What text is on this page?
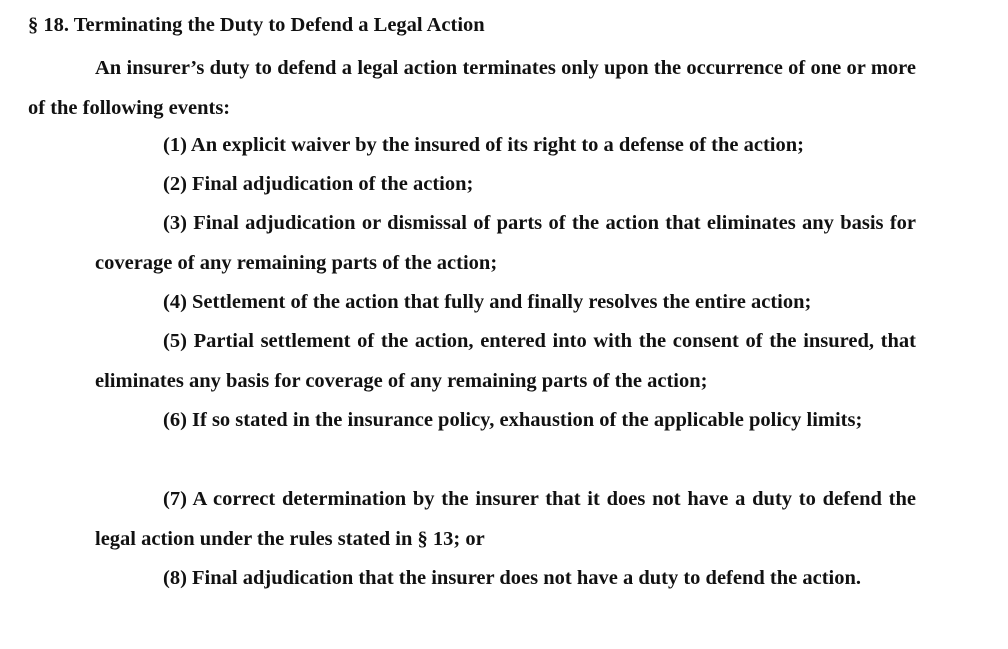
§ 18. Terminating the Duty to Defend a Legal Action

An insurer’s duty to defend a legal action terminates only upon the occurrence of one or more of the following events:

(1) An explicit waiver by the insured of its right to a defense of the action;

(2) Final adjudication of the action;

(3) Final adjudication or dismissal of parts of the action that eliminates any basis for coverage of any remaining parts of the action;

(4) Settlement of the action that fully and finally resolves the entire action;

(5) Partial settlement of the action, entered into with the consent of the insured, that eliminates any basis for coverage of any remaining parts of the action;

(6) If so stated in the insurance policy, exhaustion of the applicable policy limits;

(7) A correct determination by the insurer that it does not have a duty to defend the legal action under the rules stated in § 13; or

(8) Final adjudication that the insurer does not have a duty to defend the action.
